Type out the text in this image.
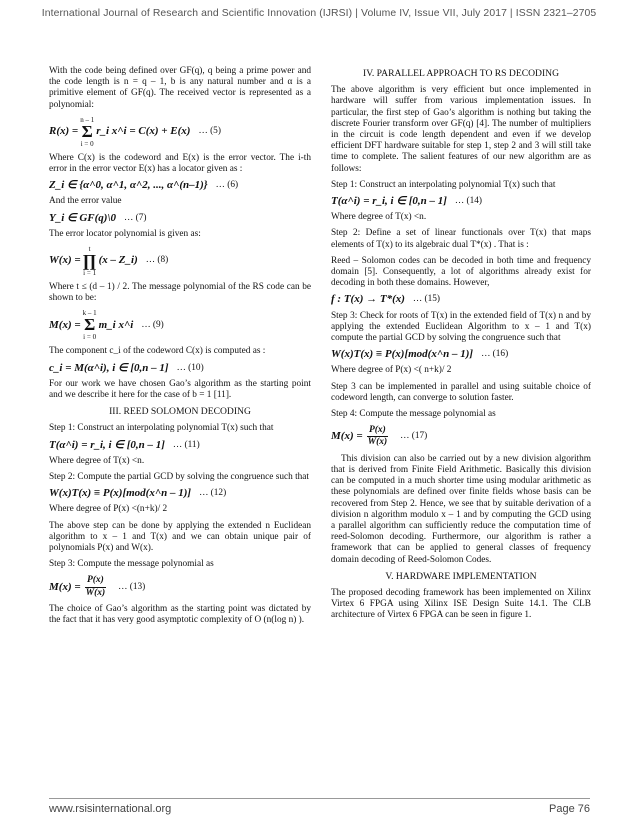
International Journal of Research and Scientific Innovation (IJRSI) | Volume IV, Issue VII, July 2017 | ISSN 2321–2705

With the code being defined over GF(q), q being a prime power and the code length is n = q – 1, b is any natural number and α is a primitive element of GF(q). The received vector is represented as a polynomial:

R(x) =
n – 1
Σ
i = 0
r_i x^i = C(x) + E(x) … (5)

Where C(x) is the codeword and E(x) is the error vector. The i-th error in the error vector E(x) has a locator given as :

Z_i ∈ {α^0, α^1, α^2, ..., α^(n–1)} … (6)

And the error value

Y_i ∈ GF(q)\0 … (7)

The error locator polynomial is given as:

W(x) =
t
∏
i = 1
(x – Z_i) … (8)

Where t ≤ (d – 1) / 2. The message polynomial of the RS code can be shown to be:

M(x) =
k – 1
Σ
i = 0
m_i x^i … (9)

The component c_i of the codeword C(x) is computed as :

c_i = M(α^i), i ∈ [0,n – 1] … (10)

For our work we have chosen Gao’s algorithm as the starting point and we describe it here for the case of b = 1 [11].

III. REED SOLOMON DECODING

Step 1: Construct an interpolating polynomial T(x) such that

T(α^i) = r_i, i ∈ [0,n – 1] … (11)

Where degree of T(x) <n.

Step 2: Compute the partial GCD by solving the congruence such that

W(x)T(x) ≡ P(x)[mod(x^n – 1)] … (12)

Where degree of P(x) <(n+k)/ 2

The above step can be done by applying the extended n Euclidean algorithm to x – 1 and T(x) and we can obtain unique pair of polynomials P(x) and W(x).

Step 3: Compute the message polynomial as

$M(x) = \frac{P(x)}{W(x)}$ … (13)

The choice of Gao’s algorithm as the starting point was dictated by the fact that it has very good asymptotic complexity of O (n(log n) ).

IV. PARALLEL APPROACH TO RS DECODING

The above algorithm is very efficient but once implemented in hardware will suffer from various implementation issues. In particular, the first step of Gao’s algorithm is nothing but taking the discrete Fourier transform over GF(q) [4]. The number of multipliers in the circuit is code length dependent and even if we develop efficient DFT hardware suitable for step 1, step 2 and 3 will still take time to complete. The salient features of our new algorithm are as follows:

Step 1: Construct an interpolating polynomial T(x) such that

T(α^i) = r_i, i ∈ [0,n – 1] … (14)

Where degree of T(x) <n.

Step 2: Define a set of linear functionals over T(x) that maps elements of T(x) to its algebraic dual T*(x) . That is :

Reed – Solomon codes can be decoded in both time and frequency domain [5]. Consequently, a lot of algorithms already exist for decoding in both these domains. However,

f : T(x) → T*(x) … (15)

Step 3: Check for roots of T(x) in the extended field of T(x) n and by applying the extended Euclidean Algorithm to x – 1 and T(x) compute the partial GCD by solving the congruence such that

W(x)T(x) ≡ P(x)[mod(x^n – 1)] … (16)

Where degree of P(x) <( n+k)/ 2

Step 3 can be implemented in parallel and using suitable choice of codeword length, can converge to solution faster.

Step 4: Compute the message polynomial as

$M(x) = \frac{P(x)}{W(x)}$ … (17)

This division can also be carried out by a new division algorithm that is derived from Finite Field Arithmetic. Basically this division can be computed in a much shorter time using modular arithmetic as these polynomials are defined over finite fields whose basis can be recovered from Step 2. Hence, we see that by suitable derivation of a division n algorithm modulo x – 1 and by computing the GCD using a parallel algorithm can sufficiently reduce the computation time of reed-Solomon decoding. Furthermore, our algorithm is rather a framework that can be applied to general classes of frequency domain decoding of Reed-Solomon Codes.

V. HARDWARE IMPLEMENTATION

The proposed decoding framework has been implemented on Xilinx Virtex 6 FPGA using Xilinx ISE Design Suite 14.1. The CLB architecture of Virtex 6 FPGA can be seen in figure 1.

www.rsisinternational.org	Page 76
